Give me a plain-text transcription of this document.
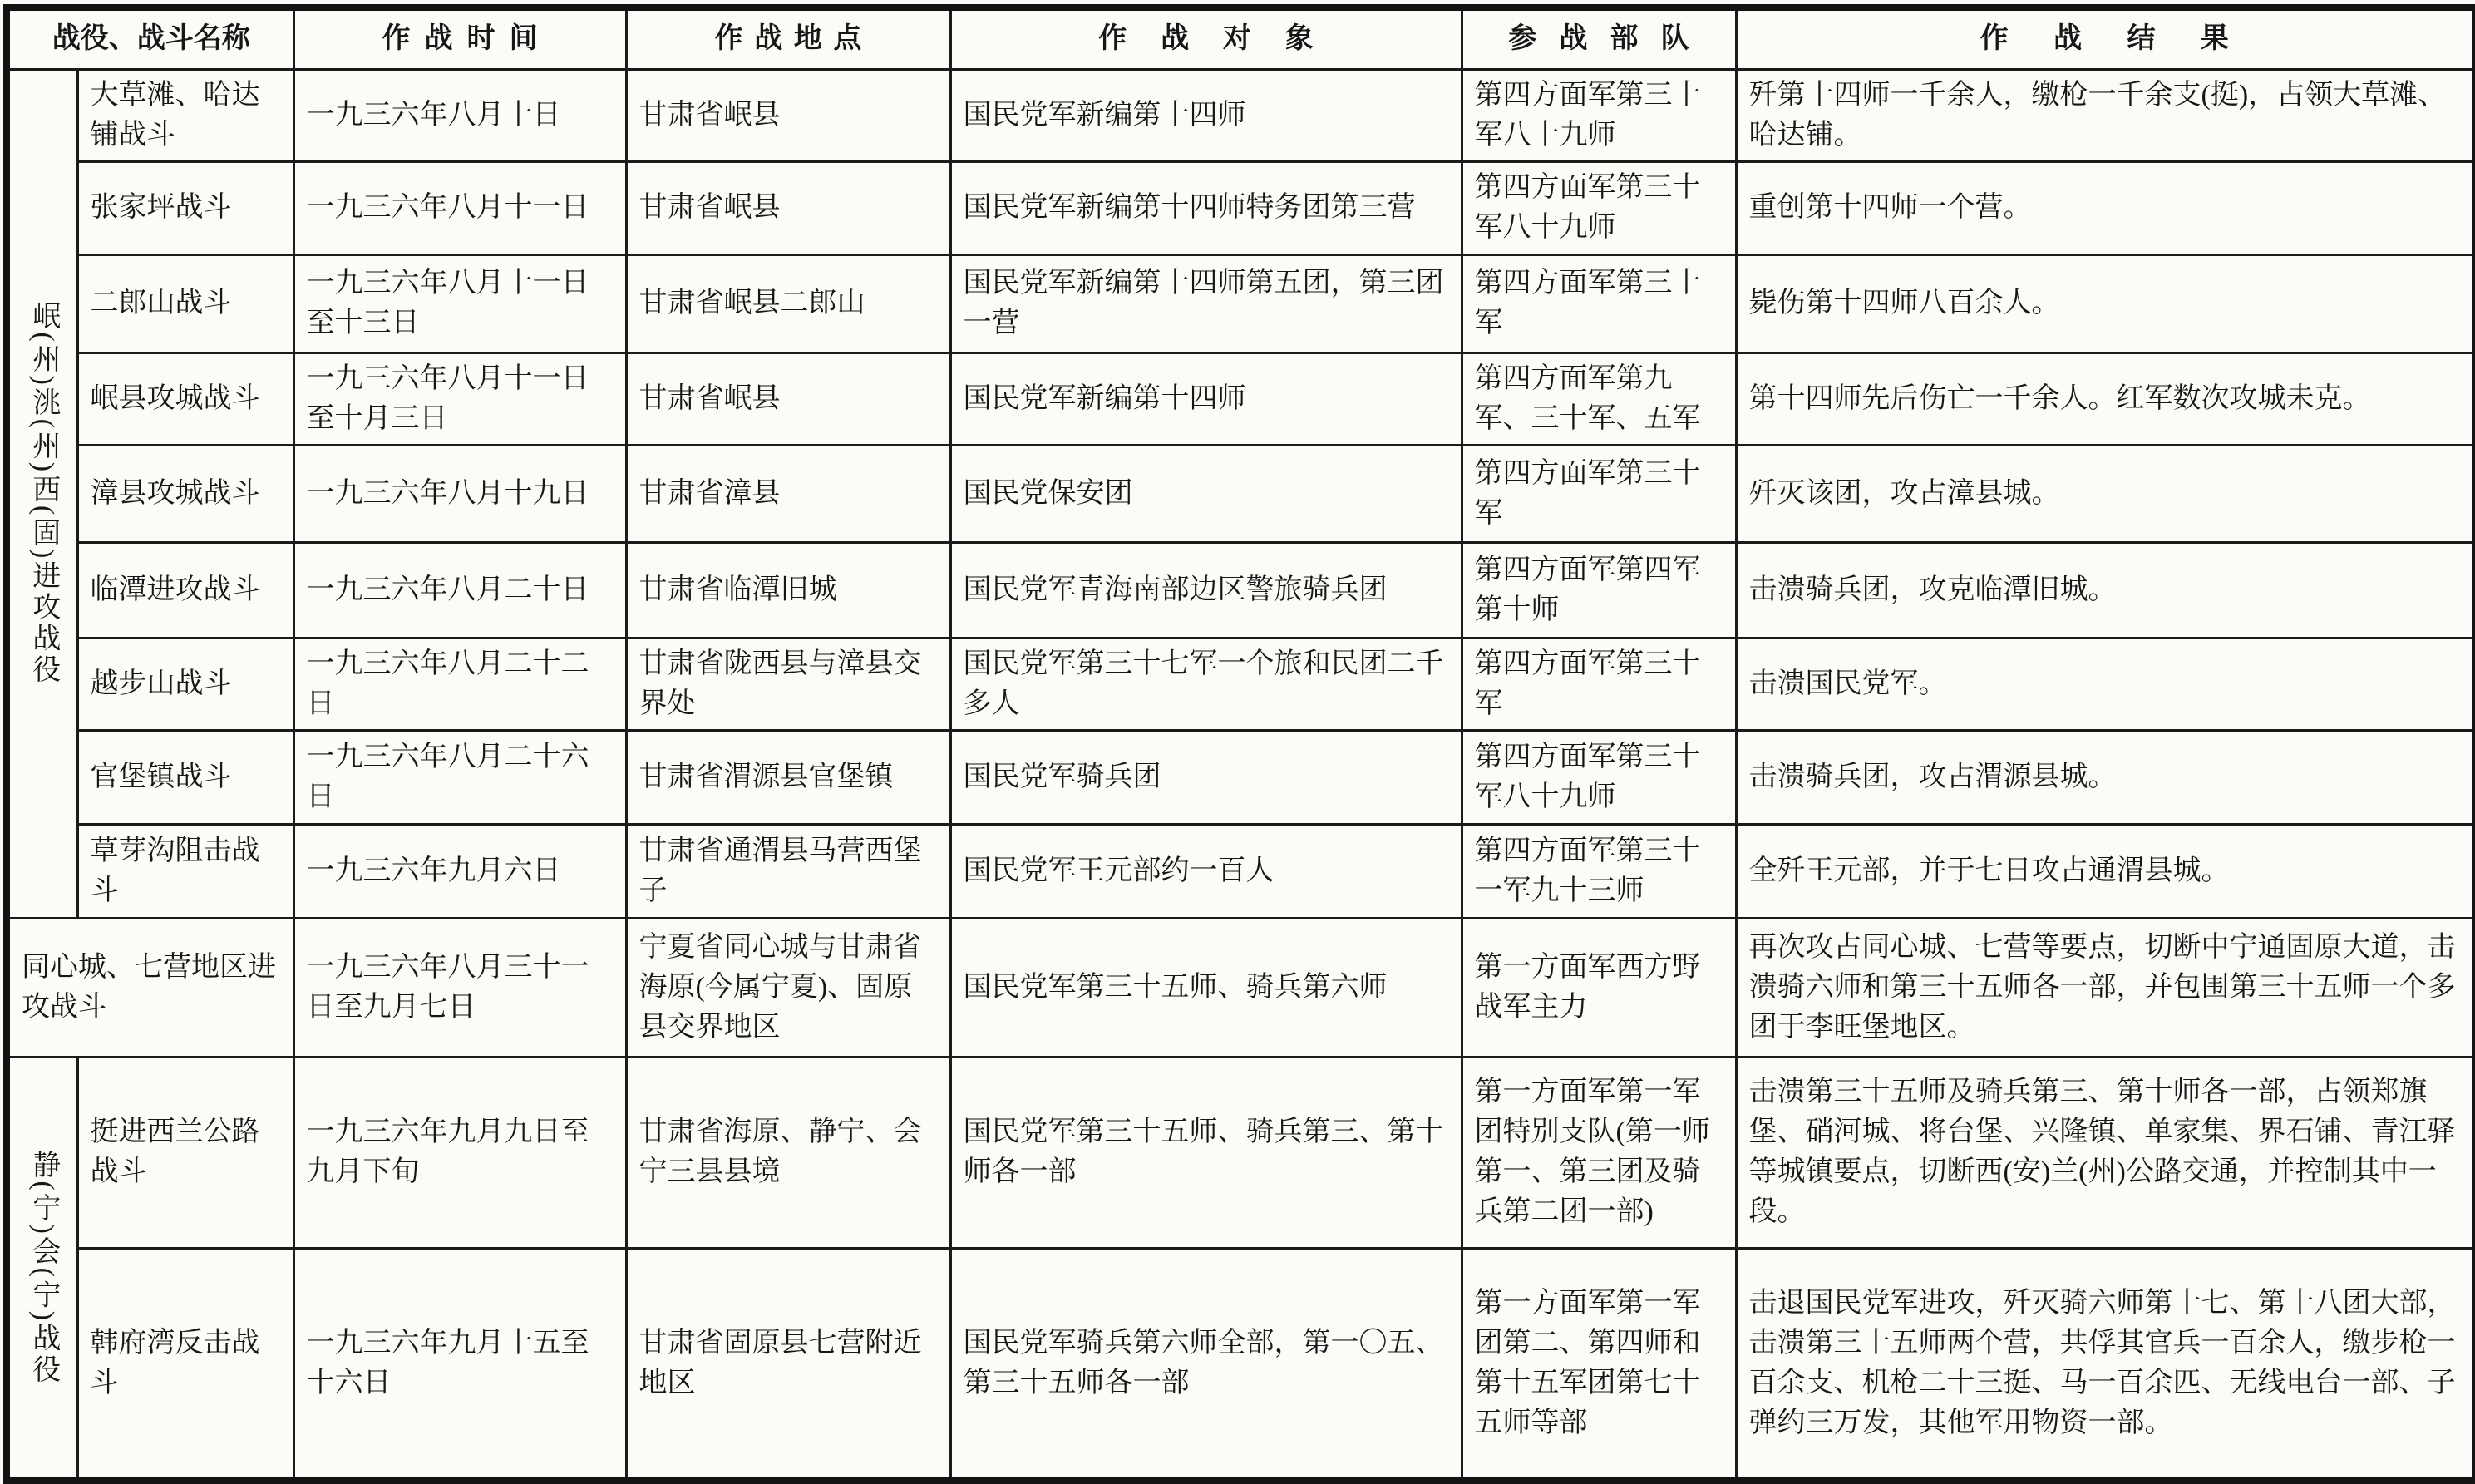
战役、战斗名称		作战时间	作战地点	作战对象	参战部队	作战结果

岷(州)洮(州)西(固)进攻战役	大草滩、哈达铺战斗	一九三六年八月十日	甘肃省岷县	国民党军新编第十四师	第四方面军第三十军八十九师	歼第十四师一千余人，缴枪一千余支(挺)，占领大草滩、哈达铺。
	张家坪战斗	一九三六年八月十一日	甘肃省岷县	国民党军新编第十四师特务团第三营	第四方面军第三十军八十九师	重创第十四师一个营。
	二郎山战斗	一九三六年八月十一日至十三日	甘肃省岷县二郎山	国民党军新编第十四师第五团，第三团一营	第四方面军第三十军	毙伤第十四师八百余人。
	岷县攻城战斗	一九三六年八月十一日至十月三日	甘肃省岷县	国民党军新编第十四师	第四方面军第九军、三十军、五军	第十四师先后伤亡一千余人。红军数次攻城未克。
	漳县攻城战斗	一九三六年八月十九日	甘肃省漳县	国民党保安团	第四方面军第三十军	歼灭该团，攻占漳县城。
	临潭进攻战斗	一九三六年八月二十日	甘肃省临潭旧城	国民党军青海南部边区警旅骑兵团	第四方面军第四军第十师	击溃骑兵团，攻克临潭旧城。
	越步山战斗	一九三六年八月二十二日	甘肃省陇西县与漳县交界处	国民党军第三十七军一个旅和民团二千多人	第四方面军第三十军	击溃国民党军。
	官堡镇战斗	一九三六年八月二十六日	甘肃省渭源县官堡镇	国民党军骑兵团	第四方面军第三十军八十九师	击溃骑兵团，攻占渭源县城。
	草芽沟阻击战斗	一九三六年九月六日	甘肃省通渭县马营西堡子	国民党军王元部约一百人	第四方面军第三十一军九十三师	全歼王元部，并于七日攻占通渭县城。
同心城、七营地区进攻战斗		一九三六年八月三十一日至九月七日	宁夏省同心城与甘肃省海原(今属宁夏)、固原县交界地区	国民党军第三十五师、骑兵第六师	第一方面军西方野战军主力	再次攻占同心城、七营等要点，切断中宁通固原大道，击溃骑六师和第三十五师各一部，并包围第三十五师一个多团于李旺堡地区。

静(宁)会(宁)战役	挺进西兰公路战斗	一九三六年九月九日至九月下旬	甘肃省海原、静宁、会宁三县县境	国民党军第三十五师、骑兵第三、第十师各一部	第一方面军第一军团特别支队(第一师第一、第三团及骑兵第二团一部)	击溃第三十五师及骑兵第三、第十师各一部，占领郑旗堡、硝河城、将台堡、兴隆镇、单家集、界石铺、青江驿等城镇要点，切断西(安)兰(州)公路交通，并控制其中一段。
	韩府湾反击战斗	一九三六年九月十五至十六日	甘肃省固原县七营附近地区	国民党军骑兵第六师全部，第一〇五、第三十五师各一部	第一方面军第一军团第二、第四师和第十五军团第七十五师等部	击退国民党军进攻，歼灭骑六师第十七、第十八团大部，击溃第三十五师两个营，共俘其官兵一百余人，缴步枪一百余支、机枪二十三挺、马一百余匹、无线电台一部、子弹约三万发，其他军用物资一部。
